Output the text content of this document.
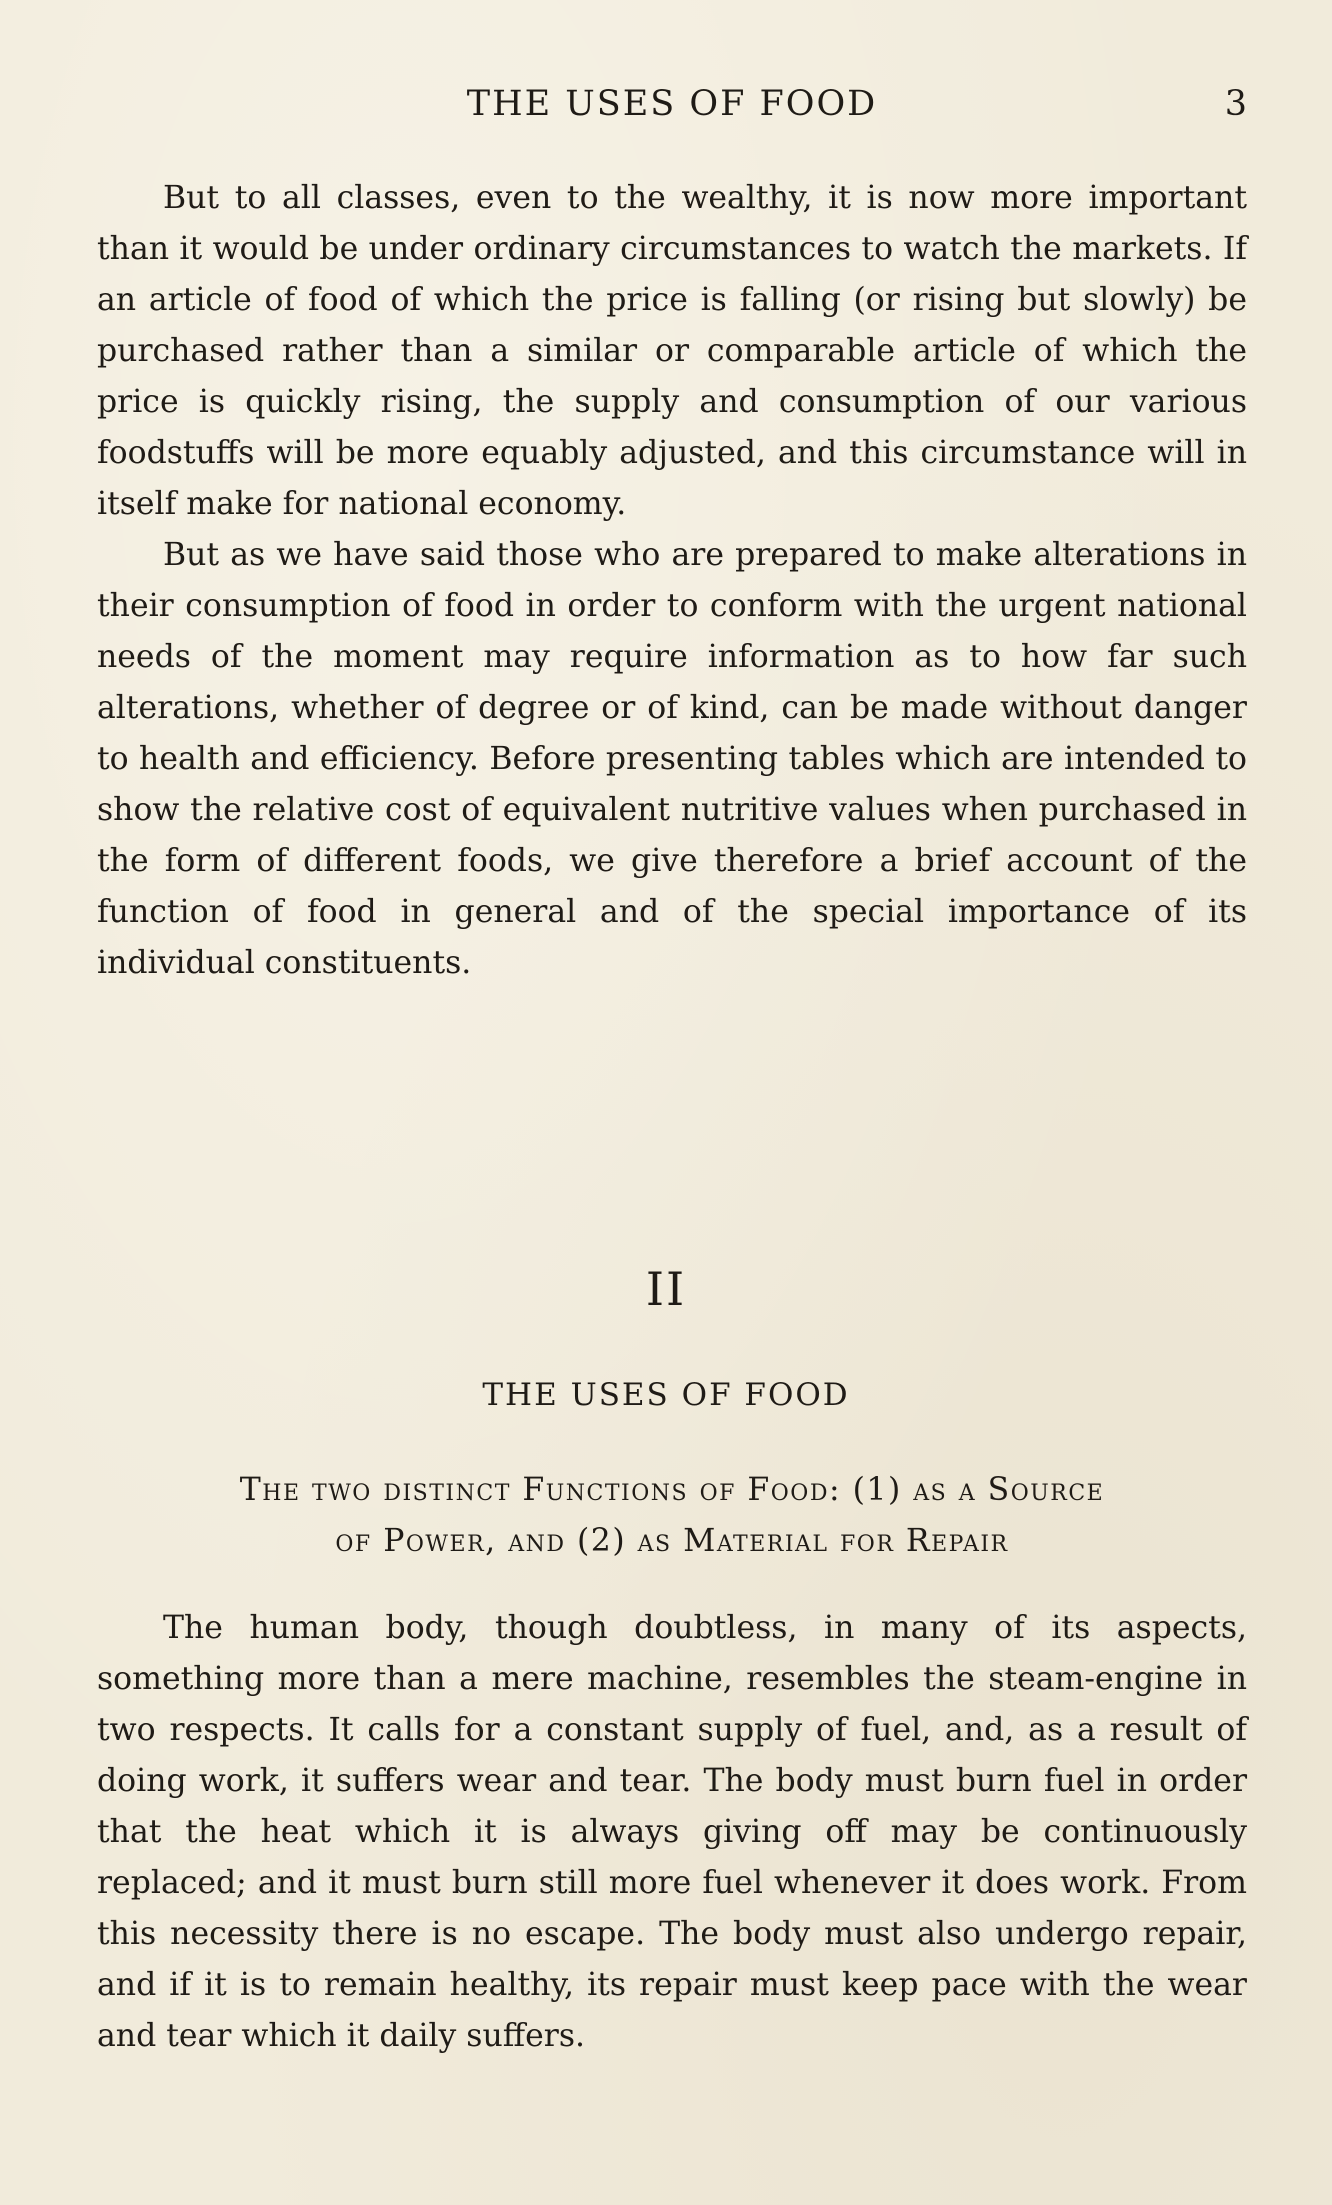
THE USES OF FOOD	3

But to all classes, even to the wealthy, it is now more important than it would be under ordinary circumstances to watch the markets. If an article of food of which the price is falling (or rising but slowly) be purchased rather than a similar or comparable article of which the price is quickly rising, the supply and consumption of our various foodstuffs will be more equably adjusted, and this circumstance will in itself make for national economy.

But as we have said those who are prepared to make alterations in their consumption of food in order to conform with the urgent national needs of the moment may require information as to how far such alterations, whether of degree or of kind, can be made without danger to health and efficiency. Before presenting tables which are intended to show the relative cost of equivalent nutritive values when purchased in the form of different foods, we give therefore a brief account of the function of food in general and of the special importance of its individual constituents.

II
THE USES OF FOOD
The two distinct Functions of Food: (1) as a Source
of Power, and (2) as Material for Repair

The human body, though doubtless, in many of its aspects, something more than a mere machine, resembles the steam-engine in two respects. It calls for a constant supply of fuel, and, as a result of doing work, it suffers wear and tear. The body must burn fuel in order that the heat which it is always giving off may be continuously replaced; and it must burn still more fuel whenever it does work. From this necessity there is no escape. The body must also undergo repair, and if it is to remain healthy, its repair must keep pace with the wear and tear which it daily suffers.
